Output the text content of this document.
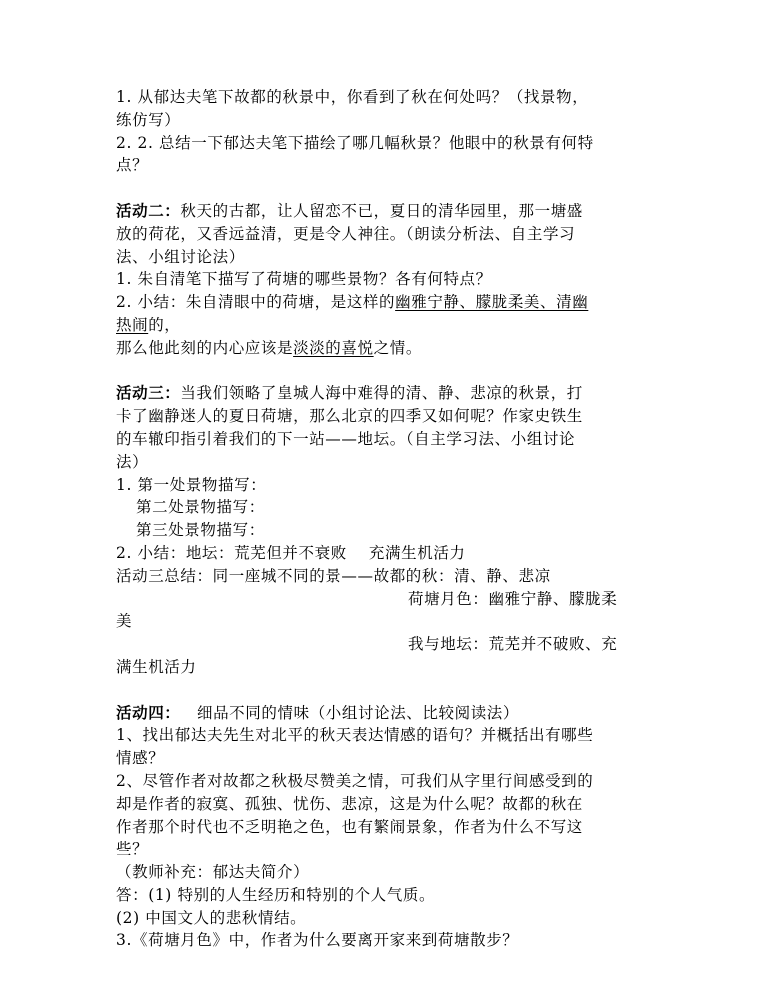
1. 从郁达夫笔下故都的秋景中，你看到了秋在何处吗？（找景物，
练仿写）
2. 2. 总结一下郁达夫笔下描绘了哪几幅秋景？他眼中的秋景有何特
点？
活动二：秋天的古都，让人留恋不已，夏日的清华园里，那一塘盛
放的荷花，又香远益清，更是令人神往。（朗读分析法、自主学习
法、小组讨论法）
1. 朱自清笔下描写了荷塘的哪些景物？各有何特点？
2. 小结：朱自清眼中的荷塘，是这样的幽雅宁静、朦胧柔美、清幽
热闹的，
那么他此刻的内心应该是淡淡的喜悦之情。
活动三：当我们领略了皇城人海中难得的清、静、悲凉的秋景，打
卡了幽静迷人的夏日荷塘，那么北京的四季又如何呢？作家史铁生
的车辙印指引着我们的下一站——地坛。（自主学习法、小组讨论
法）
1. 第一处景物描写：
第二处景物描写：
第三处景物描写：
2. 小结：地坛：荒芜但并不衰败    充满生机活力
活动三总结：同一座城不同的景——故都的秋：清、静、悲凉
荷塘月色：幽雅宁静、朦胧柔
美
我与地坛：荒芜并不破败、充
满生机活力
活动四：   细品不同的情味（小组讨论法、比较阅读法）
1、找出郁达夫先生对北平的秋天表达情感的语句？并概括出有哪些
情感？
2、尽管作者对故都之秋极尽赞美之情，可我们从字里行间感受到的
却是作者的寂寞、孤独、忧伤、悲凉，这是为什么呢？故都的秋在
作者那个时代也不乏明艳之色，也有繁闹景象，作者为什么不写这
些？
（教师补充：郁达夫简介）
答：(1) 特别的人生经历和特别的个人气质。
(2) 中国文人的悲秋情结。
3.《荷塘月色》中，作者为什么要离开家来到荷塘散步？
